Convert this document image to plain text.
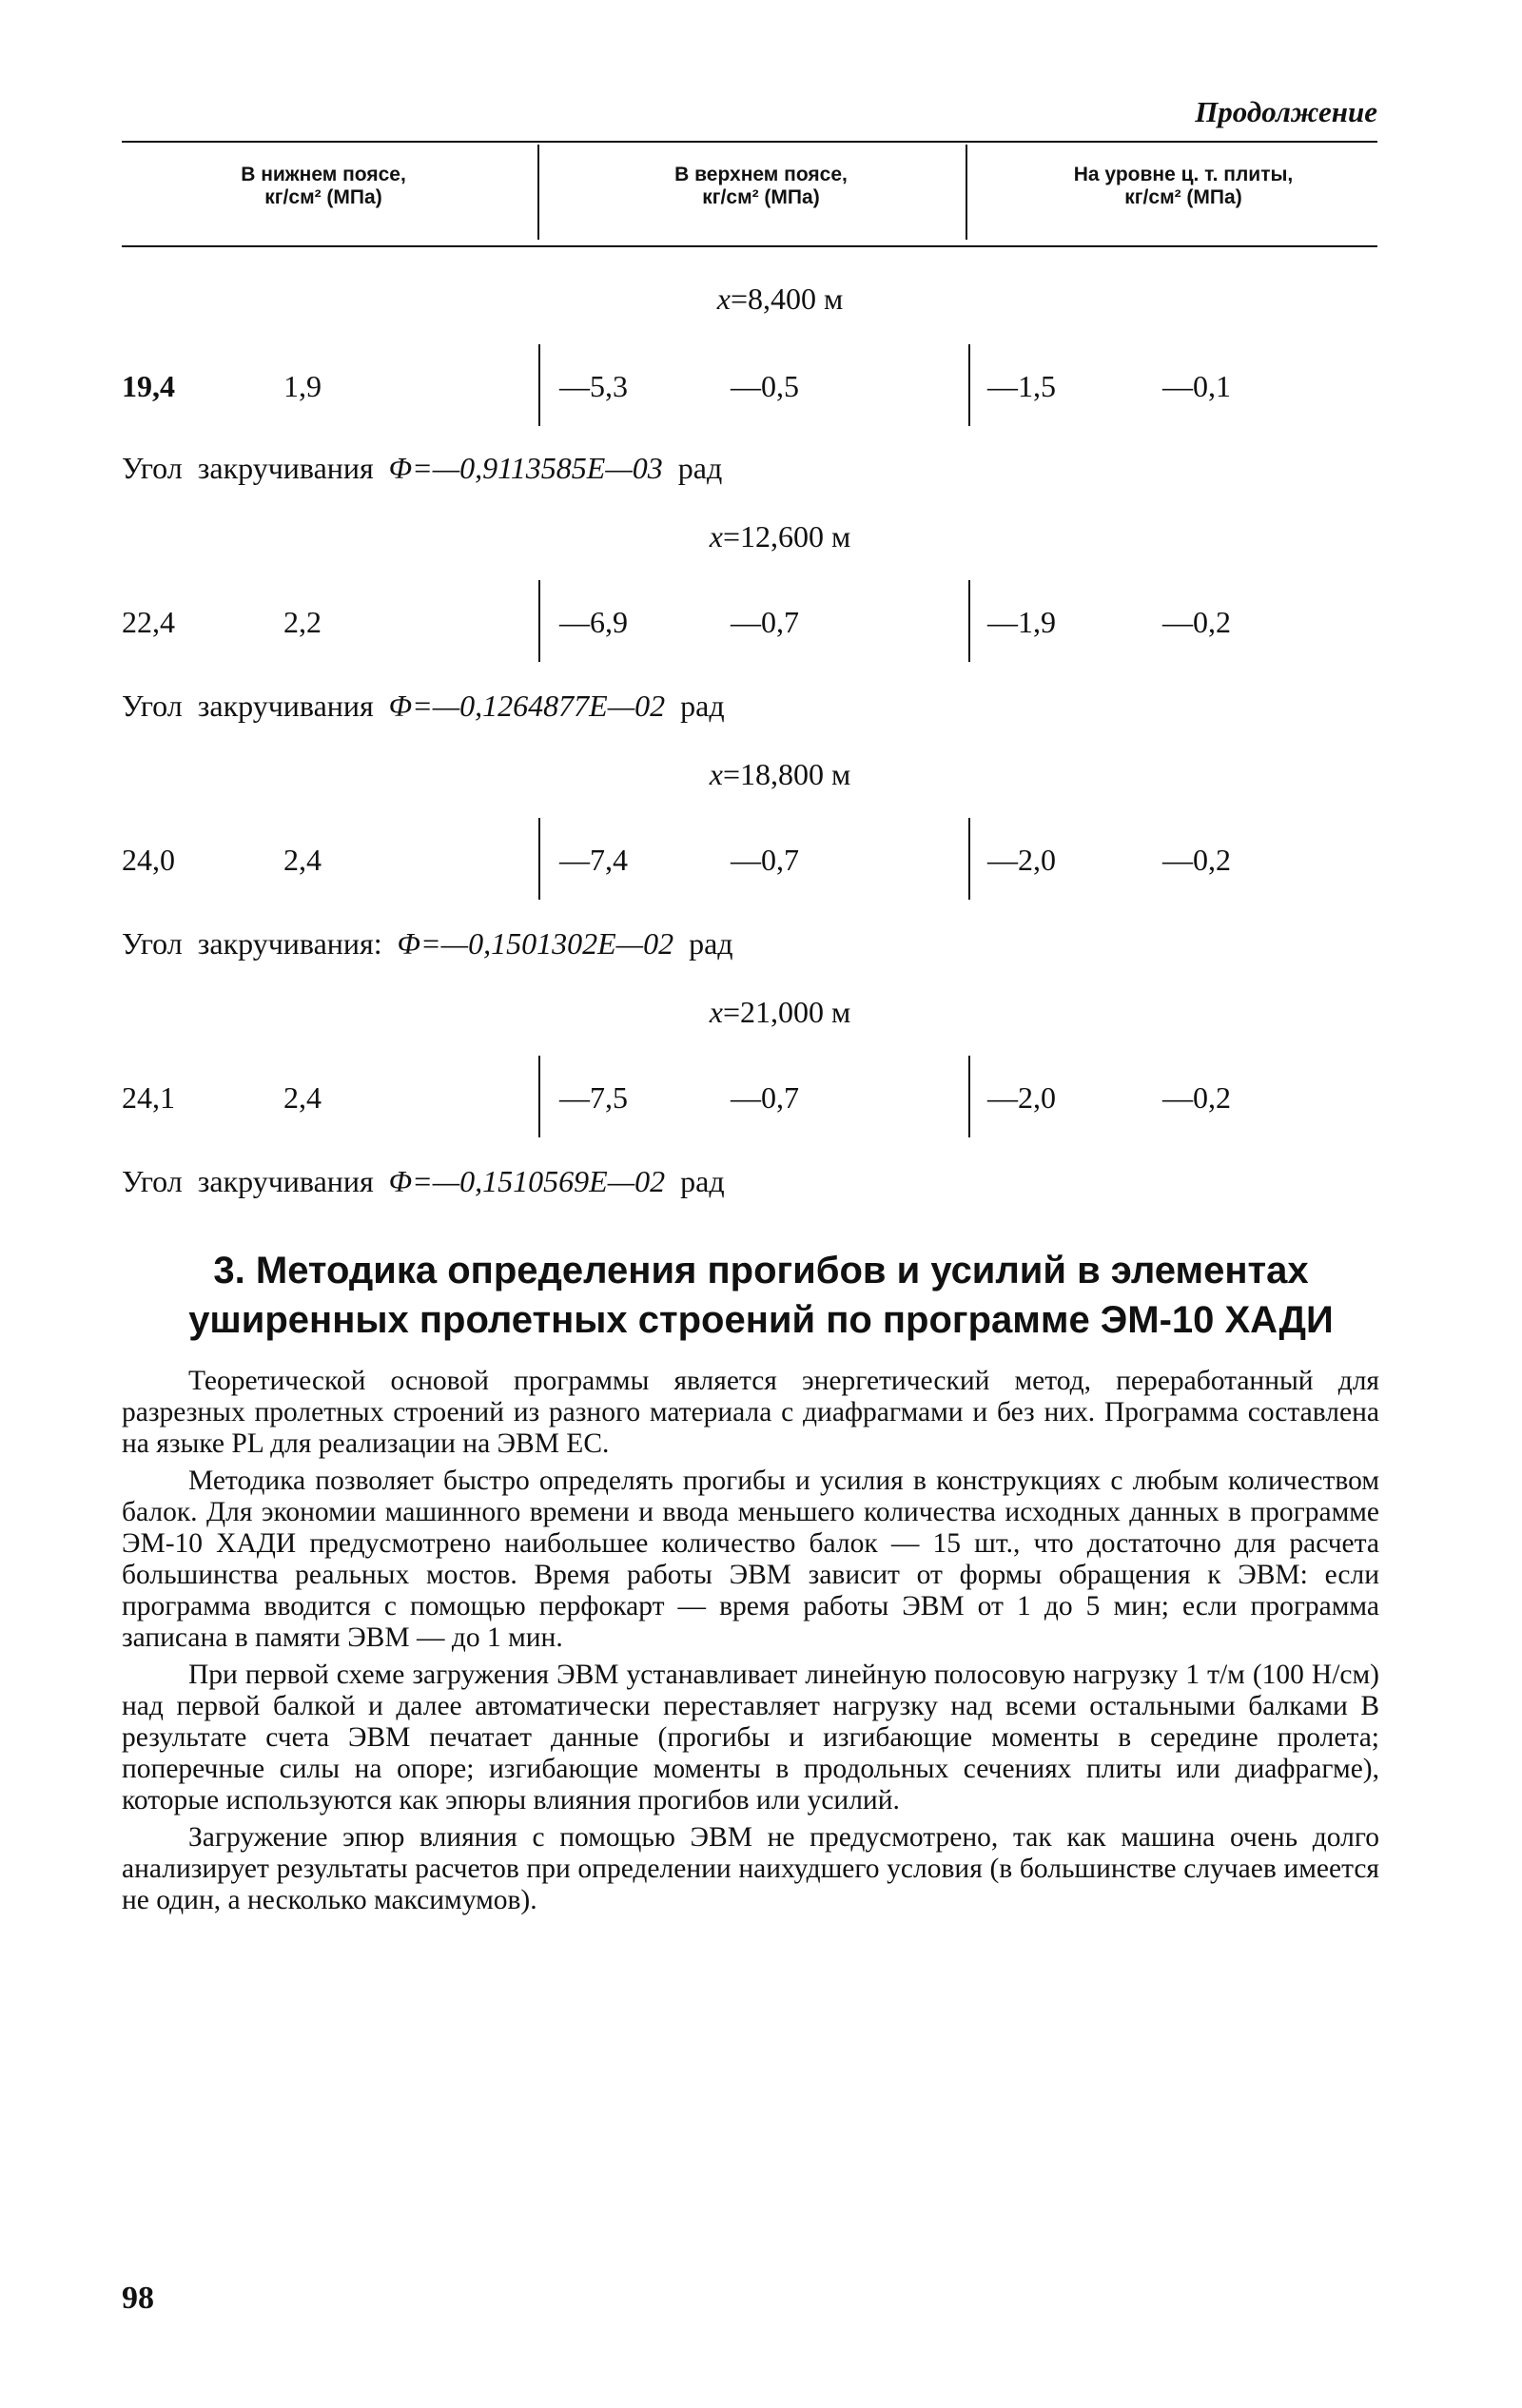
Продолжение
В нижнем поясе,
кг/см² (МПа)
В верхнем поясе,
кг/см² (МПа)
На уровне ц. т. плиты,
кг/см² (МПа)
x=8,400 м
19,4	1,9	—5,3	—0,5	—1,5	—0,1
Угол закручивания Φ=—0,9113585E—03 рад
x=12,600 м
22,4	2,2	—6,9	—0,7	—1,9	—0,2
Угол закручивания Φ=—0,1264877E—02 рад
x=18,800 м
24,0	2,4	—7,4	—0,7	—2,0	—0,2
Угол закручивания: Φ=—0,1501302E—02 рад
x=21,000 м
24,1	2,4	—7,5	—0,7	—2,0	—0,2
Угол закручивания Φ=—0,1510569E—02 рад
3. Методика определения прогибов и усилий в элементах уширенных пролетных строений по программе ЭМ-10 ХАДИ

Теоретической основой программы является энергетический метод, переработанный для разрезных пролетных строений из разного материала с диафрагмами и без них. Программа составлена на языке PL для реализации на ЭВМ ЕС.

Методика позволяет быстро определять прогибы и усилия в конструкциях с любым количеством балок. Для экономии машинного времени и ввода меньшего количества исходных данных в программе ЭМ-10 ХАДИ предусмотрено наибольшее количество балок — 15 шт., что достаточно для расчета большинства реальных мостов. Время работы ЭВМ зависит от формы обращения к ЭВМ: если программа вводится с помощью перфокарт — время работы ЭВМ от 1 до 5 мин; если программа записана в памяти ЭВМ — до 1 мин.

При первой схеме загружения ЭВМ устанавливает линейную полосовую нагрузку 1 т/м (100 Н/см) над первой балкой и далее автоматически переставляет нагрузку над всеми остальными балками В результате счета ЭВМ печатает данные (прогибы и изгибающие моменты в середине пролета; поперечные силы на опоре; изгибающие моменты в продольных сечениях плиты или диафрагме), которые используются как эпюры влияния прогибов или усилий.

Загружение эпюр влияния с помощью ЭВМ не предусмотрено, так как машина очень долго анализирует результаты расчетов при определении наихудшего условия (в большинстве случаев имеется не один, а несколько максимумов).

98
